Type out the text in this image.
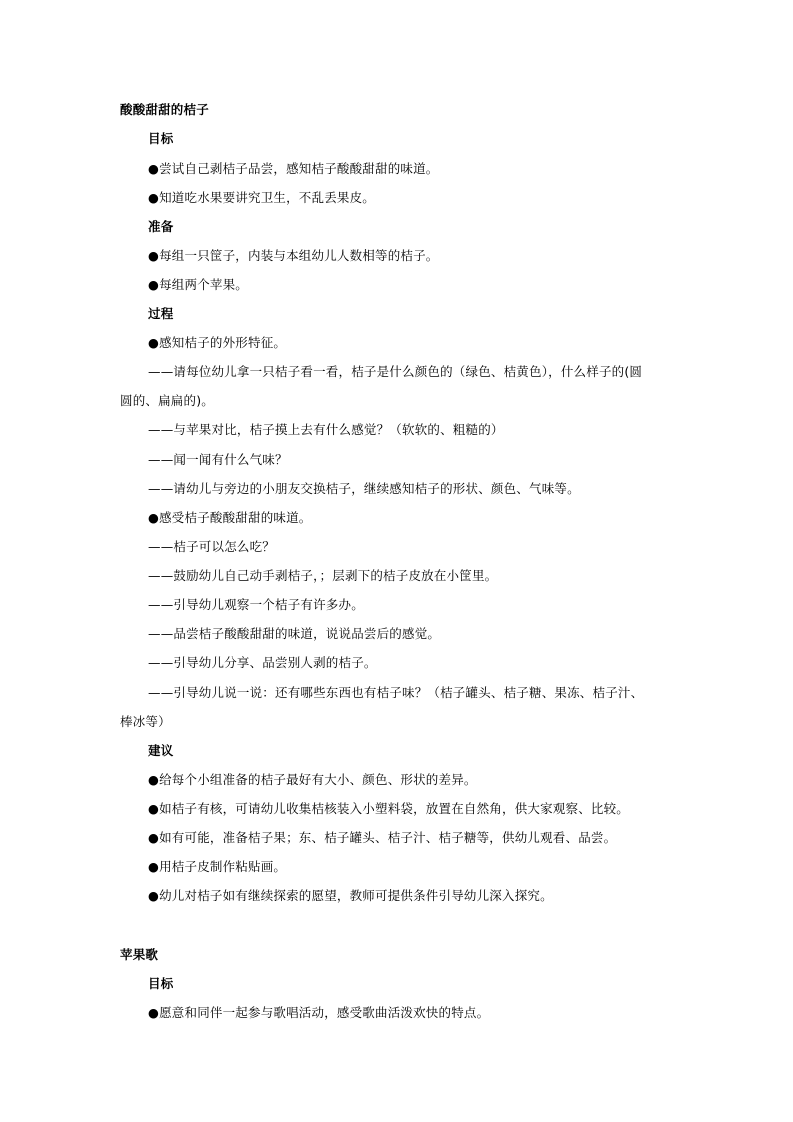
酸酸甜甜的桔子
目标
●尝试自己剥桔子品尝，感知桔子酸酸甜甜的味道。
●知道吃水果要讲究卫生，不乱丢果皮。
准备
●每组一只筐子，内装与本组幼儿人数相等的桔子。
●每组两个苹果。
过程
●感知桔子的外形特征。
——请每位幼儿拿一只桔子看一看，桔子是什么颜色的（绿色、桔黄色），什么样子的(圆
圆的、扁扁的)。
——与苹果对比，桔子摸上去有什么感觉？（软软的、粗糙的）
——闻一闻有什么气味？
——请幼儿与旁边的小朋友交换桔子，继续感知桔子的形状、颜色、气味等。
●感受桔子酸酸甜甜的味道。
——桔子可以怎么吃？
——鼓励幼儿自己动手剥桔子，；层剥下的桔子皮放在小筐里。
——引导幼儿观察一个桔子有许多办。
——品尝桔子酸酸甜甜的味道，说说品尝后的感觉。
——引导幼儿分享、品尝别人剥的桔子。
——引导幼儿说一说：还有哪些东西也有桔子味？（桔子罐头、桔子糖、果冻、桔子汁、
棒冰等）
建议
●给每个小组准备的桔子最好有大小、颜色、形状的差异。
●如桔子有核，可请幼儿收集桔核装入小塑料袋，放置在自然角，供大家观察、比较。
●如有可能，准备桔子果；东、桔子罐头、桔子汁、桔子糖等，供幼儿观看、品尝。
●用桔子皮制作粘贴画。
●幼儿对桔子如有继续探索的愿望，教师可提供条件引导幼儿深入探究。
苹果歌
目标
●愿意和同伴一起参与歌唱活动，感受歌曲活泼欢快的特点。
